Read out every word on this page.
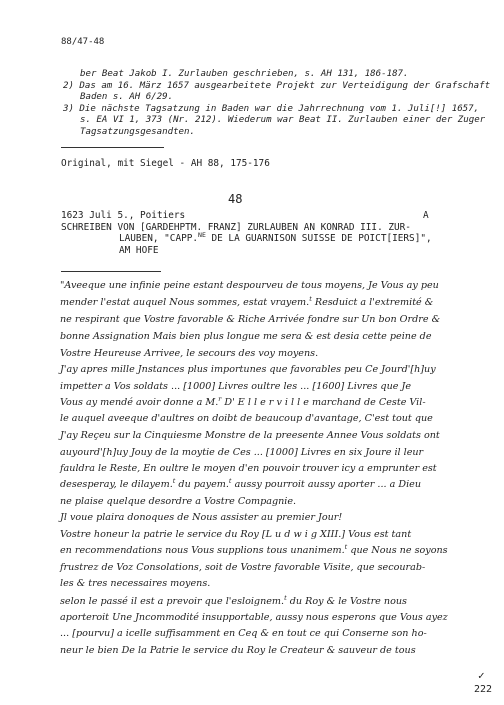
88/47-48
ber Beat Jakob I. Zurlauben geschrieben, s. AH 131, 186-187.
2) Das am 16. März 1657 ausgearbeitete Projekt zur Verteidigung der Grafschaft
Baden s. AH 6/29.
3) Die nächste Tagsatzung in Baden war die Jahrrechnung vom 1. Juli[!] 1657,
s. EA VI 1, 373 (Nr. 212). Wiederum war Beat II. Zurlauben einer der Zuger
Tagsatzungsgesandten.
Original, mit Siegel - AH 88, 175-176
48
1623 Juli 5., Poitiers	A
SCHREIBEN VON [GARDEHPTM. FRANZ] ZURLAUBEN AN KONRAD III. ZUR-
LAUBEN, "CAPP.$^{NE}$ DE LA GUARNISON SUISSE DE POICT[IERS]",
AM HOFE
"Aveeque une infinie peine estant despourveu de tous moyens, Je Vous ay peu
mender l'estat auquel Nous sommes, estat vrayem.$^t$ Resduict a l'extremité &
ne respirant que Vostre favorable & Riche Arrivée fondre sur Un bon Ordre &
bonne Assignation Mais bien plus longue me sera & est desia cette peine de
Vostre Heureuse Arrivee, le secours des voy moyens.
J'ay apres mille Jnstances plus importunes que favorables peu Ce Jourd'[h]uy
impetter a Vos soldats ... [1000] Livres oultre les ... [1600] Livres que Je
Vous ay mendé avoir donne a M.$^r$ D' E l l e r v i l l e marchand de Ceste Vil-
le auquel aveeque d'aultres on doibt de beaucoup d'avantage, C'est tout que
J'ay Reçeu sur la Cinquiesme Monstre de la preesente Annee Vous soldats ont
auyourd'[h]uy Jouy de la moytie de Ces ... [1000] Livres en six Joure il leur
fauldra le Reste, En oultre le moyen d'en pouvoir trouver icy a emprunter est
desesperay, le dilayem.$^t$ du payem.$^t$ aussy pourroit aussy aporter ... a Dieu
ne plaise quelque desordre a Vostre Compagnie.
Jl voue plaira donoques de Nous assister au premier Jour!
Vostre honeur la patrie le service du Roy [L u d w i g XIII.] Vous est tant
en recommendations nous Vous supplions tous unanimem.$^t$ que Nous ne soyons
frustrez de Voz Consolations, soit de Vostre favorable Visite, que secourab-
les & tres necessaires moyens.
selon le passé il est a prevoir que l'esloignem.$^t$ du Roy & le Vostre nous
aporteroit Une Jncommodité insupportable, aussy nous esperons que Vous ayez
... [pourvu] a icelle suffisamment en Ceq & en tout ce qui Conserne son ho-
neur le bien De la Patrie le service du Roy le Createur & sauveur de tous
✓
222
